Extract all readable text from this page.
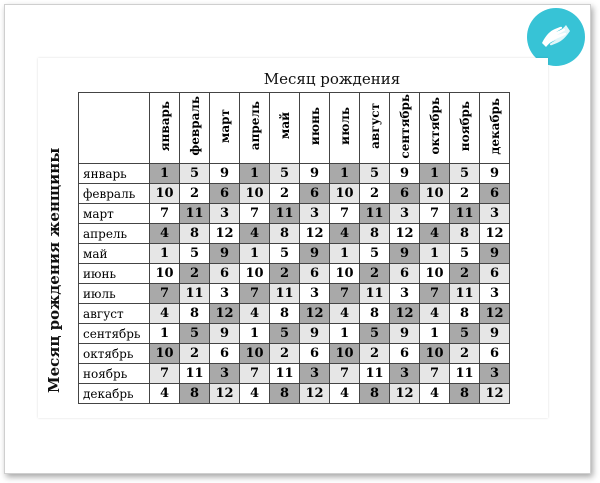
Месяц рождения
Месяц рождения женщины
	январь	февраль	март	апрель	май	июнь	июль	август	сентябрь	октябрь	ноябрь	декабрь
январь	1	5	9	1	5	9	1	5	9	1	5	9
февраль	10	2	6	10	2	6	10	2	6	10	2	6
март	7	11	3	7	11	3	7	11	3	7	11	3
апрель	4	8	12	4	8	12	4	8	12	4	8	12
май	1	5	9	1	5	9	1	5	9	1	5	9
июнь	10	2	6	10	2	6	10	2	6	10	2	6
июль	7	11	3	7	11	3	7	11	3	7	11	3
август	4	8	12	4	8	12	4	8	12	4	8	12
сентябрь	1	5	9	1	5	9	1	5	9	1	5	9
октябрь	10	2	6	10	2	6	10	2	6	10	2	6
ноябрь	7	11	3	7	11	3	7	11	3	7	11	3
декабрь	4	8	12	4	8	12	4	8	12	4	8	12
